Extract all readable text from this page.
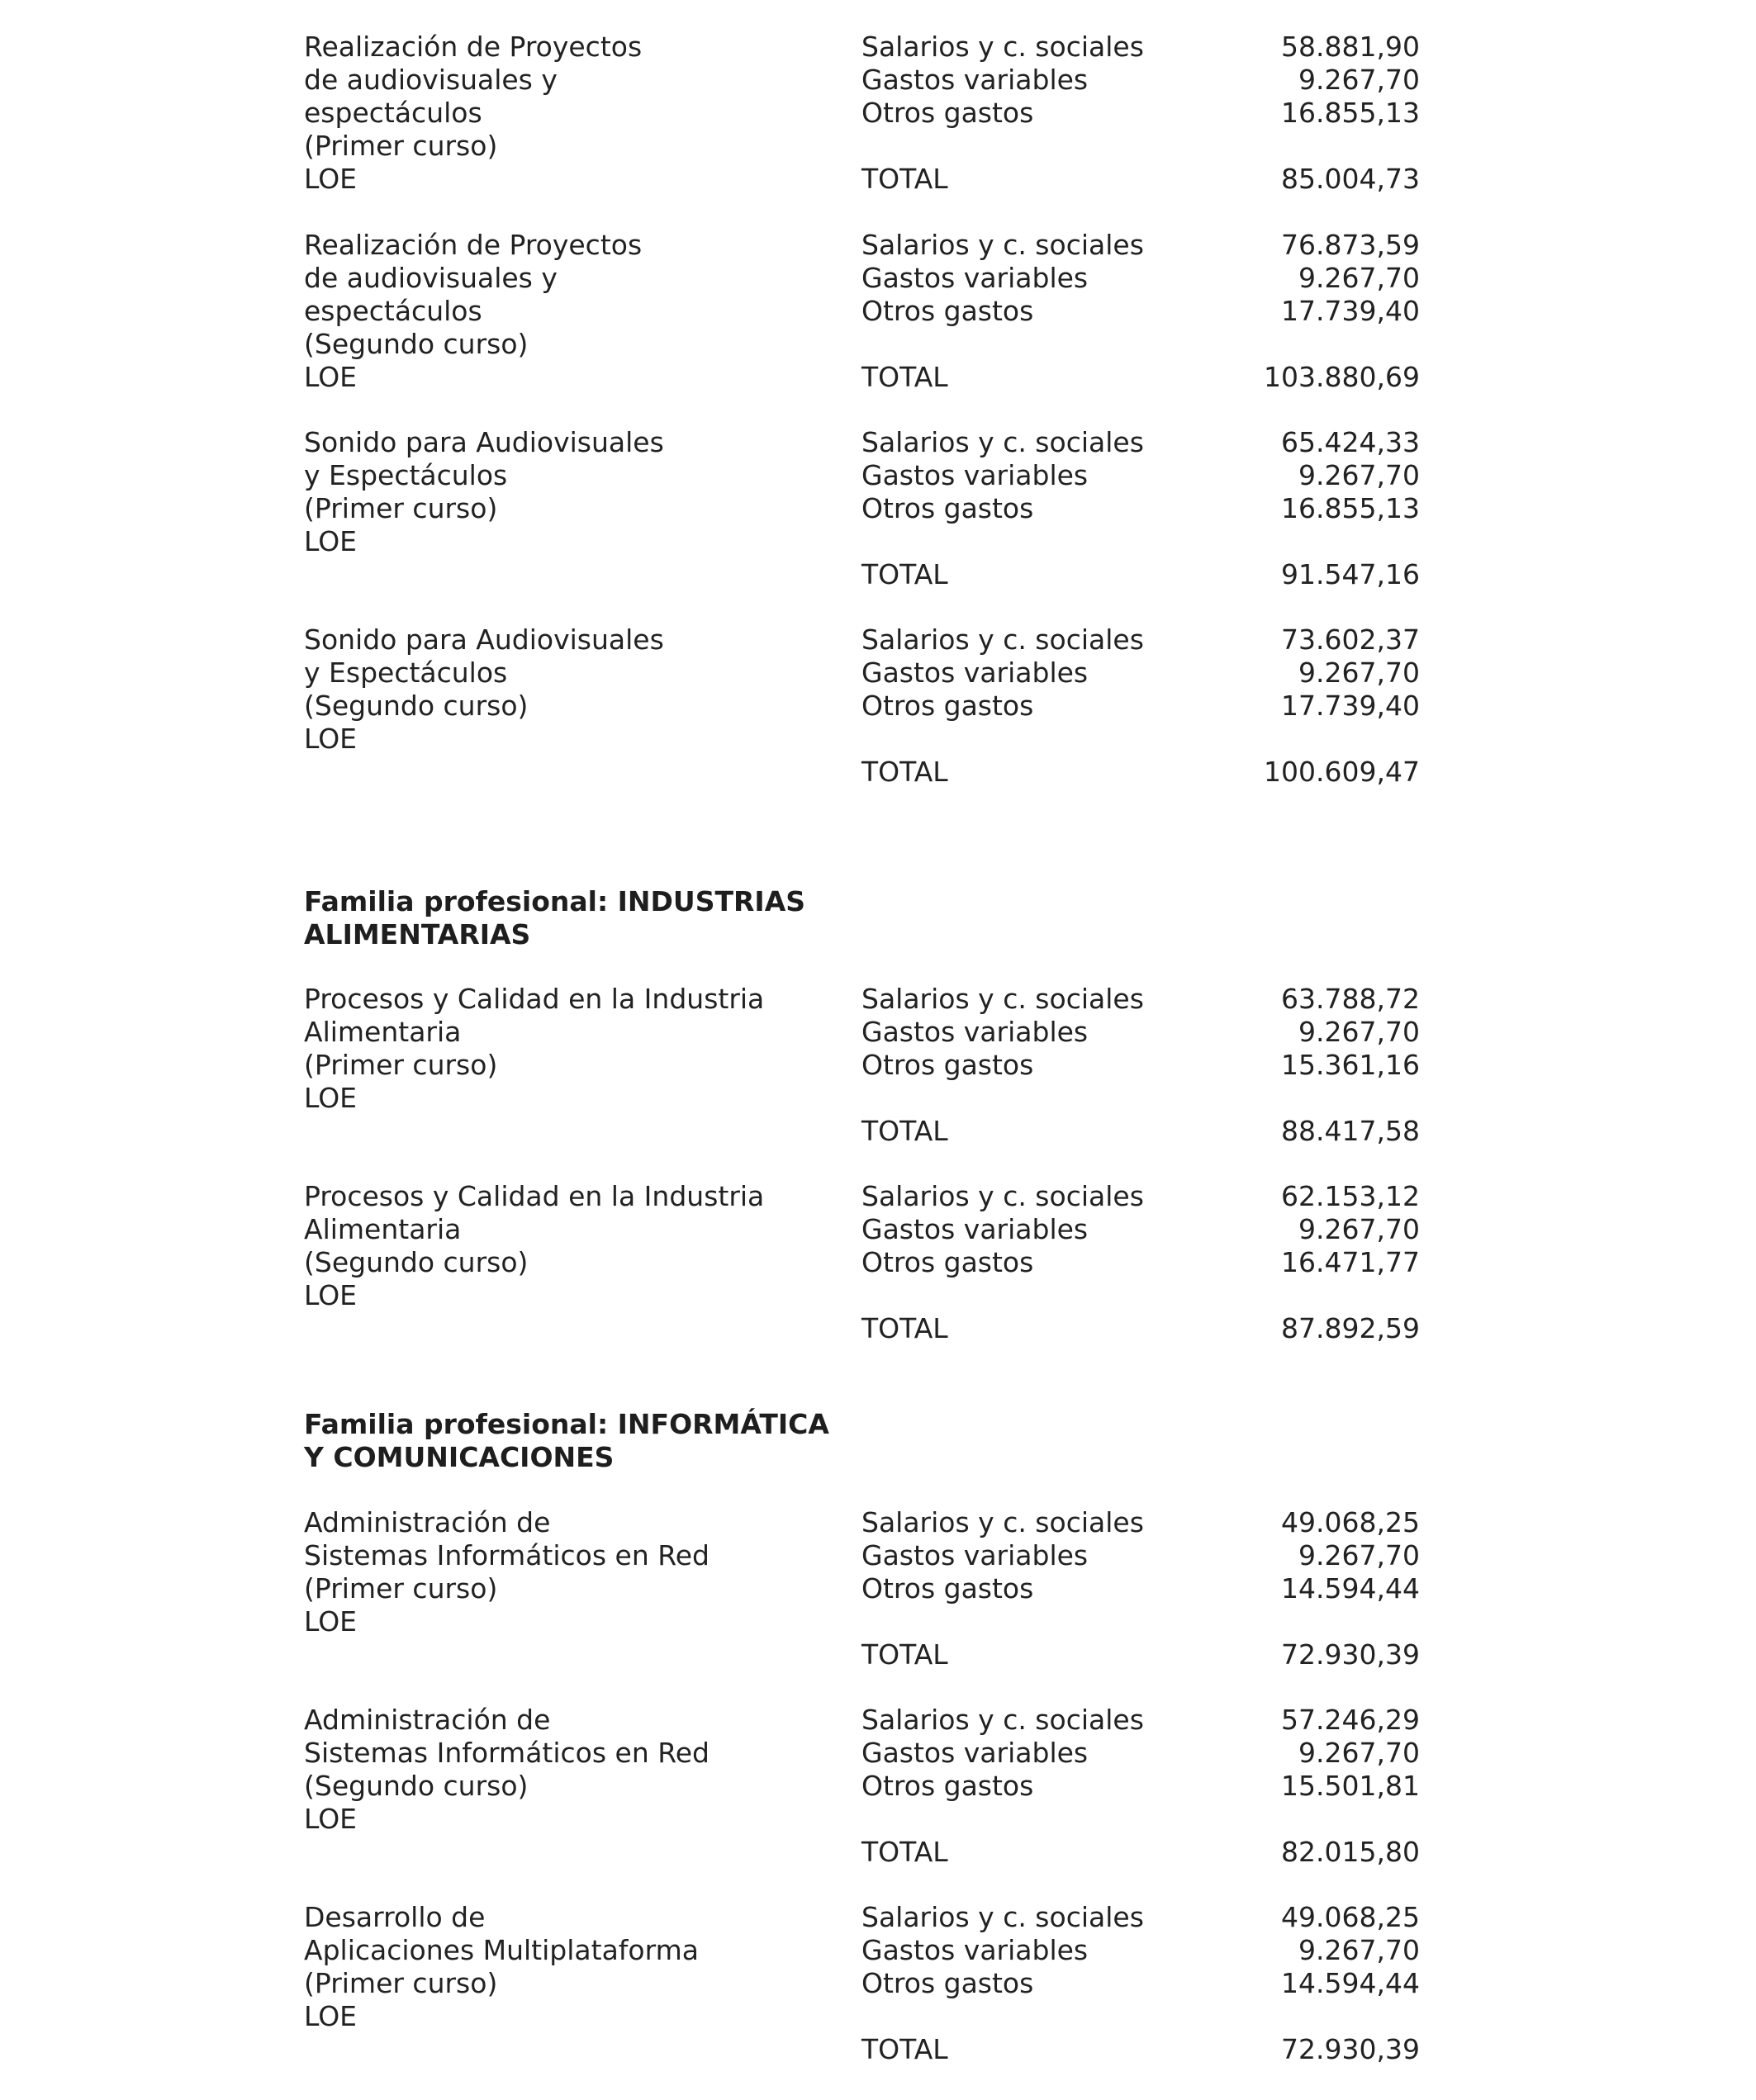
Realización de Proyectos
de audiovisuales y
espectáculos
(Primer curso)
LOE
Salarios y c. sociales	58.881,90
Gastos variables	9.267,70
Otros gastos	16.855,13
TOTAL	85.004,73
Realización de Proyectos
de audiovisuales y
espectáculos
(Segundo curso)
LOE
Salarios y c. sociales	76.873,59
Gastos variables	9.267,70
Otros gastos	17.739,40
TOTAL	103.880,69
Sonido para Audiovisuales
y Espectáculos
(Primer curso)
LOE
Salarios y c. sociales	65.424,33
Gastos variables	9.267,70
Otros gastos	16.855,13
TOTAL	91.547,16
Sonido para Audiovisuales
y Espectáculos
(Segundo curso)
LOE
Salarios y c. sociales	73.602,37
Gastos variables	9.267,70
Otros gastos	17.739,40
TOTAL	100.609,47
Familia profesional: INDUSTRIAS
ALIMENTARIAS
Procesos y Calidad en la Industria
Alimentaria
(Primer curso)
LOE
Salarios y c. sociales	63.788,72
Gastos variables	9.267,70
Otros gastos	15.361,16
TOTAL	88.417,58
Procesos y Calidad en la Industria
Alimentaria
(Segundo curso)
LOE
Salarios y c. sociales	62.153,12
Gastos variables	9.267,70
Otros gastos	16.471,77
TOTAL	87.892,59
Familia profesional: INFORMÁTICA
Y COMUNICACIONES
Administración de
Sistemas Informáticos en Red
(Primer curso)
LOE
Salarios y c. sociales	49.068,25
Gastos variables	9.267,70
Otros gastos	14.594,44
TOTAL	72.930,39
Administración de
Sistemas Informáticos en Red
(Segundo curso)
LOE
Salarios y c. sociales	57.246,29
Gastos variables	9.267,70
Otros gastos	15.501,81
TOTAL	82.015,80
Desarrollo de
Aplicaciones Multiplataforma
(Primer curso)
LOE
Salarios y c. sociales	49.068,25
Gastos variables	9.267,70
Otros gastos	14.594,44
TOTAL	72.930,39
